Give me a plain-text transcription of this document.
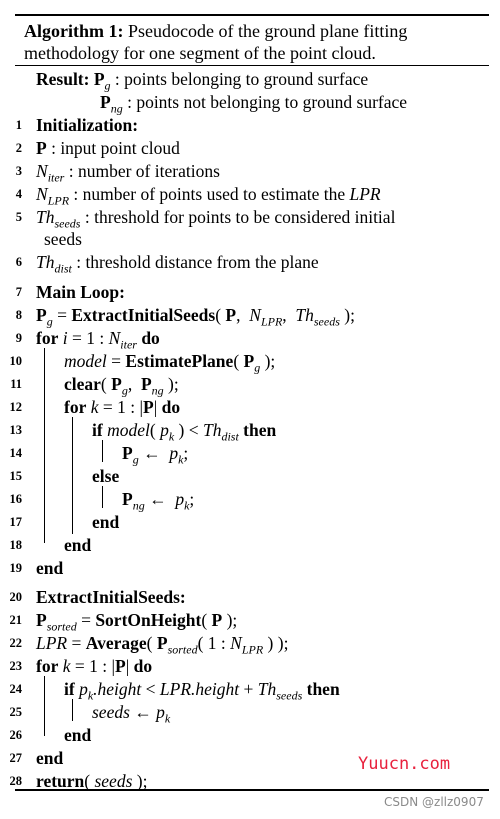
Algorithm 1: Pseudocode of the ground plane fitting methodology for one segment of the point cloud.
Result: $P_g$ : points belonging to ground surface
$P_{ng}$ : points not belonging to ground surface
1 Initialization:
2 P : input point cloud
3 $N_{iter}$ : number of iterations
4 $N_{LPR}$ : number of points used to estimate the LPR
5 $Th_{seeds}$ : threshold for points to be considered initial
seeds
6 $Th_{dist}$ : threshold distance from the plane
7 Main Loop:
8 $P_g$ = ExtractInitialSeeds( P,  $N_{LPR}$,  $Th_{seeds}$ );
9 for i = 1 : $N_{iter}$ do
10 model = EstimatePlane( $P_g$ );
11 clear( $P_g$,  $P_{ng}$ );
12 for k = 1 : |P| do
13	if model( $p_k$ ) < $Th_{dist}$ then
14	$P_g$ ←  $p_k$;
15	else
16	$P_{ng}$ ←  $p_k$;
17	end
18 end
19 end
20 ExtractInitialSeeds:
21 $P_{sorted}$ = SortOnHeight( P );
22 LPR = Average( $P_{sorted}$( 1 : $N_{LPR}$ ) );
23 for k = 1 : |P| do
24 if $p_k.height$ < LPR.height + $Th_{seeds}$ then
25	seeds ← $p_k$
26 end
27 end
28 return( seeds );
Yuucn.com
CSDN @zllz0907
